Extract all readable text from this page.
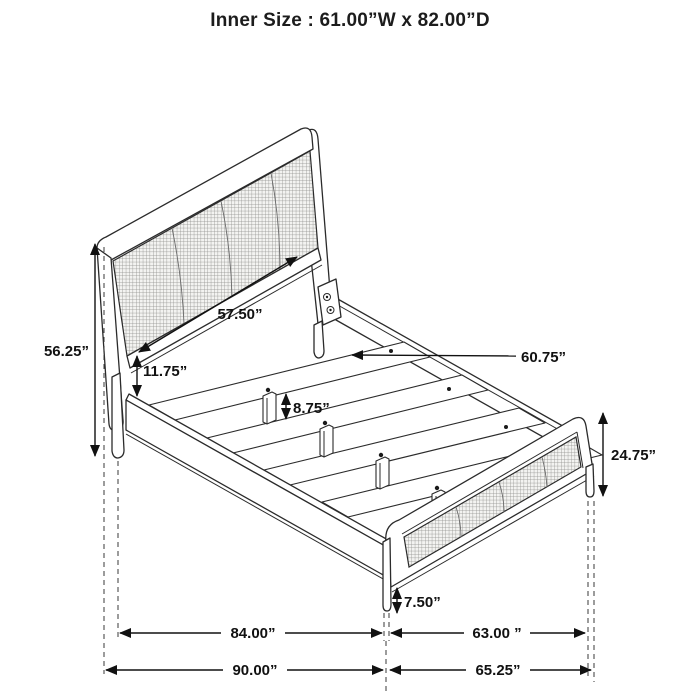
Inner Size : 61.00”W x 82.00”D
57.50”
56.25”
11.75”
8.75”
60.75”
24.75”
7.50”
84.00”	63.00 ”
90.00”	65.25”
